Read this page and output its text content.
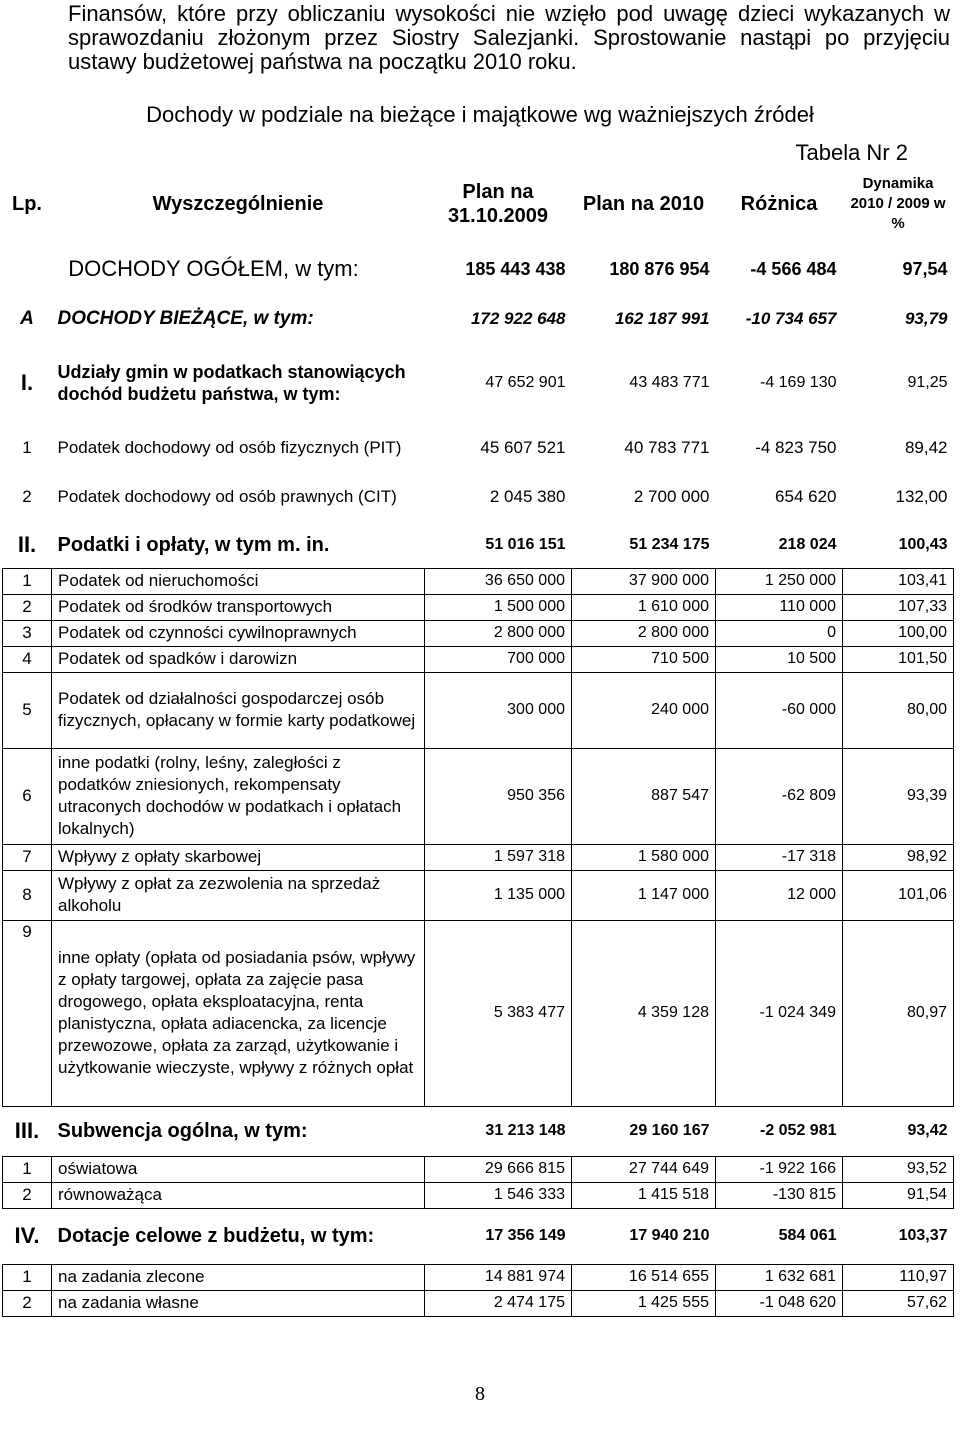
Finansów, które przy obliczaniu wysokości nie wzięło pod uwagę dzieci wykazanych w sprawozdaniu złożonym przez Siostry Salezjanki. Sprostowanie nastąpi po przyjęciu ustawy budżetowej państwa na początku 2010 roku.
Dochody w podziale na bieżące i majątkowe wg ważniejszych źródeł
Tabela Nr 2
Lp.	Wyszczególnienie	Plan na 31.10.2009	Plan na 2010	Różnica	Dynamika 2010 / 2009 w %
DOCHODY OGÓŁEM, w tym:		185 443 438	180 876 954	-4 566 484	97,54
A	DOCHODY BIEŻĄCE, w tym:	172 922 648	162 187 991	-10 734 657	93,79
I.	Udziały gmin w podatkach stanowiących dochód budżetu państwa, w tym:	47 652 901	43 483 771	-4 169 130	91,25
1	Podatek dochodowy od osób fizycznych (PIT)	45 607 521	40 783 771	-4 823 750	89,42
2	Podatek dochodowy od osób prawnych (CIT)	2 045 380	2 700 000	654 620	132,00
II.	Podatki i opłaty, w tym m. in.	51 016 151	51 234 175	218 024	100,43
1	Podatek od nieruchomości	36 650 000	37 900 000	1 250 000	103,41
2	Podatek od środków transportowych	1 500 000	1 610 000	110 000	107,33
3	Podatek od czynności cywilnoprawnych	2 800 000	2 800 000	0	100,00
4	Podatek od spadków i darowizn	700 000	710 500	10 500	101,50
5	Podatek od działalności gospodarczej osób fizycznych, opłacany w formie karty podatkowej	300 000	240 000	-60 000	80,00
6	inne podatki (rolny, leśny, zaległości z podatków zniesionych, rekompensaty utraconych dochodów w podatkach i opłatach lokalnych)	950 356	887 547	-62 809	93,39
7	Wpływy z opłaty skarbowej	1 597 318	1 580 000	-17 318	98,92
8	Wpływy z opłat za zezwolenia na sprzedaż alkoholu	1 135 000	1 147 000	12 000	101,06
9	inne opłaty (opłata od posiadania psów, wpływy z opłaty targowej, opłata za zajęcie pasa drogowego, opłata eksploatacyjna, renta planistyczna, opłata adiacencka, za licencje przewozowe, opłata za zarząd, użytkowanie i użytkowanie wieczyste, wpływy z różnych opłat	5 383 477	4 359 128	-1 024 349	80,97
III.	Subwencja ogólna, w tym:	31 213 148	29 160 167	-2 052 981	93,42
1	oświatowa	29 666 815	27 744 649	-1 922 166	93,52
2	równoważąca	1 546 333	1 415 518	-130 815	91,54
IV.	Dotacje celowe z budżetu, w tym:	17 356 149	17 940 210	584 061	103,37
1	na zadania zlecone	14 881 974	16 514 655	1 632 681	110,97
2	na zadania własne	2 474 175	1 425 555	-1 048 620	57,62
8
